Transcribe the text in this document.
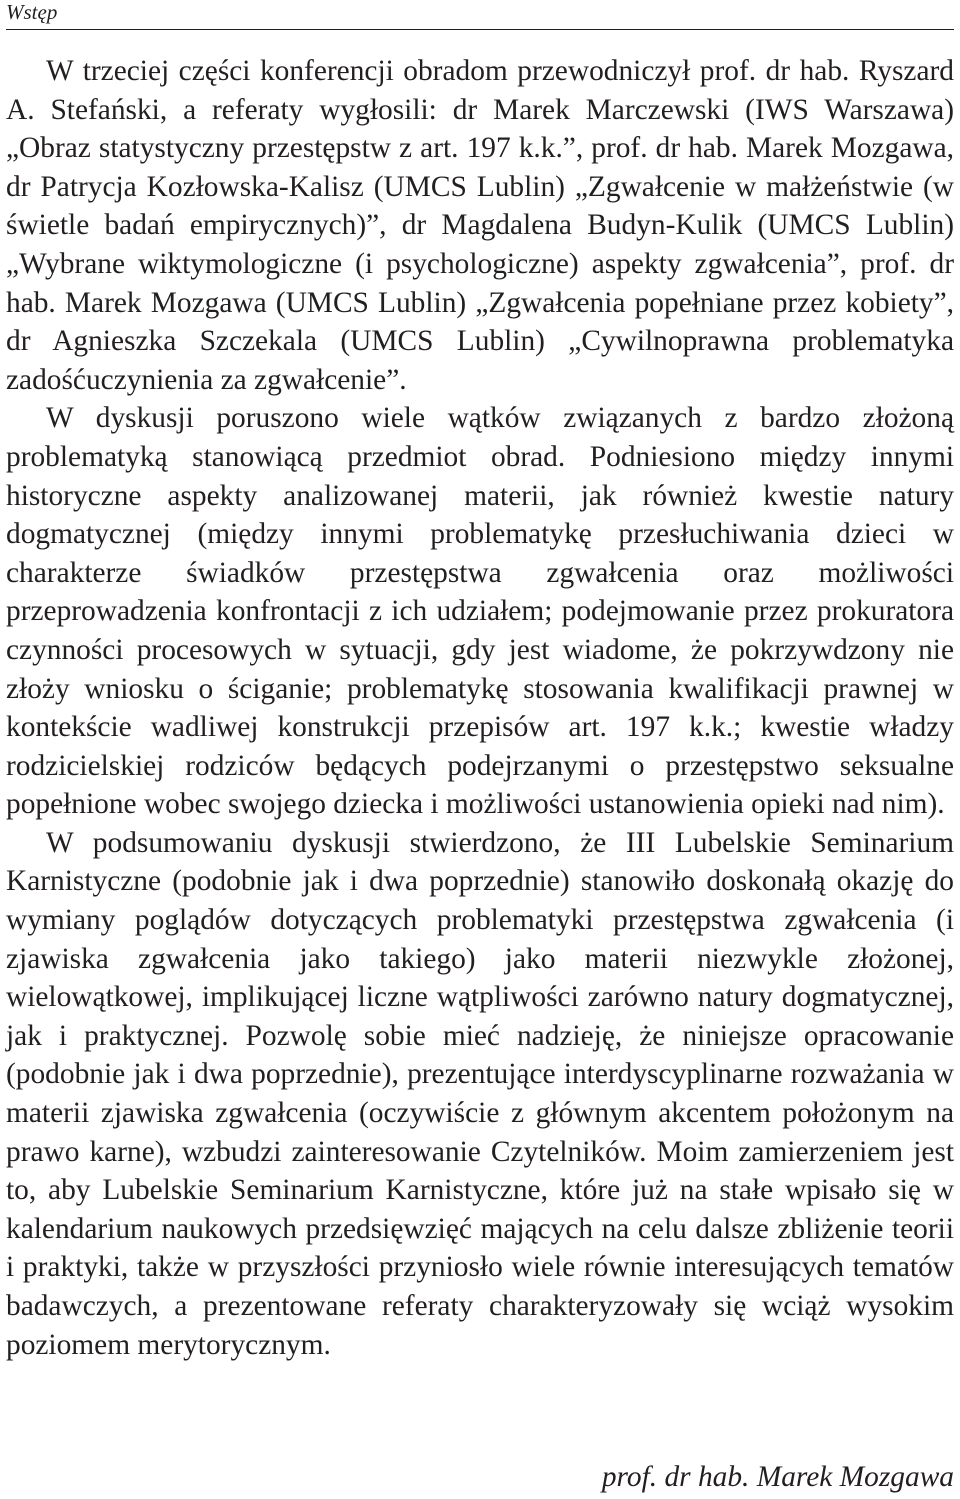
Wstęp

W trzeciej części konferencji obradom przewodniczył prof. dr hab. Ryszard A. Stefański, a referaty wygłosili: dr Marek Marczewski (IWS Warszawa) „Obraz statystyczny przestępstw z art. 197 k.k.”, prof. dr hab. Marek Mozgawa, dr Patrycja Kozłowska-Kalisz (UMCS Lublin) „Zgwałcenie w małżeństwie (w świetle badań empirycznych)”, dr Magdalena Budyn-Kulik (UMCS Lublin) „Wybrane wiktymologiczne (i psychologiczne) aspekty zgwałcenia”, prof. dr hab. Marek Mozgawa (UMCS Lublin) „Zgwałcenia popełniane przez kobiety”, dr Agnieszka Szczekala (UMCS Lublin) „Cywilnoprawna problematyka zadośćuczynienia za zgwałcenie”.

W dyskusji poruszono wiele wątków związanych z bardzo złożoną problematyką stanowiącą przedmiot obrad. Podniesiono między innymi historyczne aspekty analizowanej materii, jak również kwestie natury dogmatycznej (między innymi problematykę przesłuchiwania dzieci w charakterze świadków przestępstwa zgwałcenia oraz możliwości przeprowadzenia konfrontacji z ich udziałem; podejmowanie przez prokuratora czynności procesowych w sytuacji, gdy jest wiadome, że pokrzywdzony nie złoży wniosku o ściganie; problematykę stosowania kwalifikacji prawnej w kontekście wadliwej konstrukcji przepisów art. 197 k.k.; kwestie władzy rodzicielskiej rodziców będących podejrzanymi o przestępstwo seksualne popełnione wobec swojego dziecka i możliwości ustanowienia opieki nad nim).

W podsumowaniu dyskusji stwierdzono, że III Lubelskie Seminarium Karnistyczne (podobnie jak i dwa poprzednie) stanowiło doskonałą okazję do wymiany poglądów dotyczących problematyki przestępstwa zgwałcenia (i zjawiska zgwałcenia jako takiego) jako materii niezwykle złożonej, wielowątkowej, implikującej liczne wątpliwości zarówno natury dogmatycznej, jak i praktycznej. Pozwolę sobie mieć nadzieję, że niniejsze opracowanie (podobnie jak i dwa poprzednie), prezentujące interdyscyplinarne rozważania w materii zjawiska zgwałcenia (oczywiście z głównym akcentem położonym na prawo karne), wzbudzi zainteresowanie Czytelników. Moim zamierzeniem jest to, aby Lubelskie Seminarium Karnistyczne, które już na stałe wpisało się w kalendarium naukowych przedsięwzięć mających na celu dalsze zbliżenie teorii i praktyki, także w przyszłości przyniosło wiele równie interesujących tematów badawczych, a prezentowane referaty charakteryzowały się wciąż wysokim poziomem merytorycznym.

prof. dr hab. Marek Mozgawa
